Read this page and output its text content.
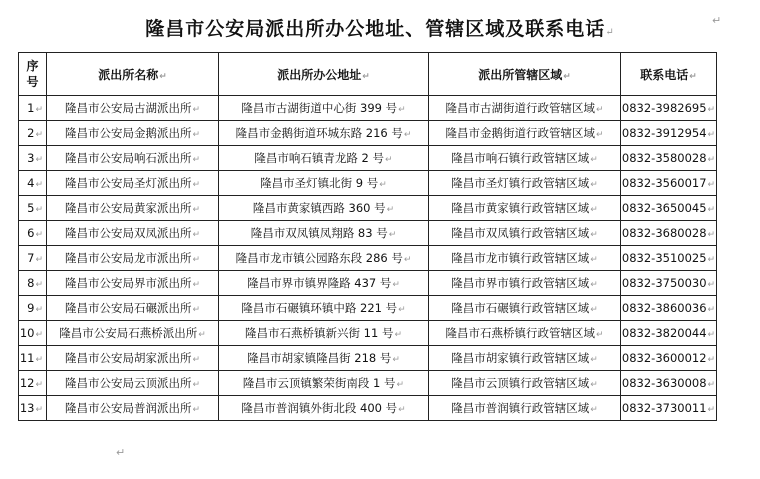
隆昌市公安局派出所办公地址、管辖区域及联系电话↵
↵
序号	派出所名称↵	派出所办公地址↵	派出所管辖区域↵	联系电话↵
1↵	隆昌市公安局古湖派出所↵	隆昌市古湖街道中心街 399 号↵	隆昌市古湖街道行政管辖区域↵	0832-3982695↵
2↵	隆昌市公安局金鹅派出所↵	隆昌市金鹅街道环城东路 216 号↵	隆昌市金鹅街道行政管辖区域↵	0832-3912954↵
3↵	隆昌市公安局响石派出所↵	隆昌市响石镇青龙路 2 号↵	隆昌市响石镇行政管辖区域↵	0832-3580028↵
4↵	隆昌市公安局圣灯派出所↵	隆昌市圣灯镇北街 9 号↵	隆昌市圣灯镇行政管辖区域↵	0832-3560017↵
5↵	隆昌市公安局黄家派出所↵	隆昌市黄家镇西路 360 号↵	隆昌市黄家镇行政管辖区域↵	0832-3650045↵
6↵	隆昌市公安局双凤派出所↵	隆昌市双凤镇凤翔路 83 号↵	隆昌市双凤镇行政管辖区域↵	0832-3680028↵
7↵	隆昌市公安局龙市派出所↵	隆昌市龙市镇公园路东段 286 号↵	隆昌市龙市镇行政管辖区域↵	0832-3510025↵
8↵	隆昌市公安局界市派出所↵	隆昌市界市镇界隆路 437 号↵	隆昌市界市镇行政管辖区域↵	0832-3750030↵
9↵	隆昌市公安局石碾派出所↵	隆昌市石碾镇环镇中路 221 号↵	隆昌市石碾镇行政管辖区域↵	0832-3860036↵
10↵	隆昌市公安局石燕桥派出所↵	隆昌市石燕桥镇新兴街 11 号↵	隆昌市石燕桥镇行政管辖区域↵	0832-3820044↵
11↵	隆昌市公安局胡家派出所↵	隆昌市胡家镇隆昌街 218 号↵	隆昌市胡家镇行政管辖区域↵	0832-3600012↵
12↵	隆昌市公安局云顶派出所↵	隆昌市云顶镇繁荣街南段 1 号↵	隆昌市云顶镇行政管辖区域↵	0832-3630008↵
13↵	隆昌市公安局普润派出所↵	隆昌市普润镇外街北段 400 号↵	隆昌市普润镇行政管辖区域↵	0832-3730011↵
↵
